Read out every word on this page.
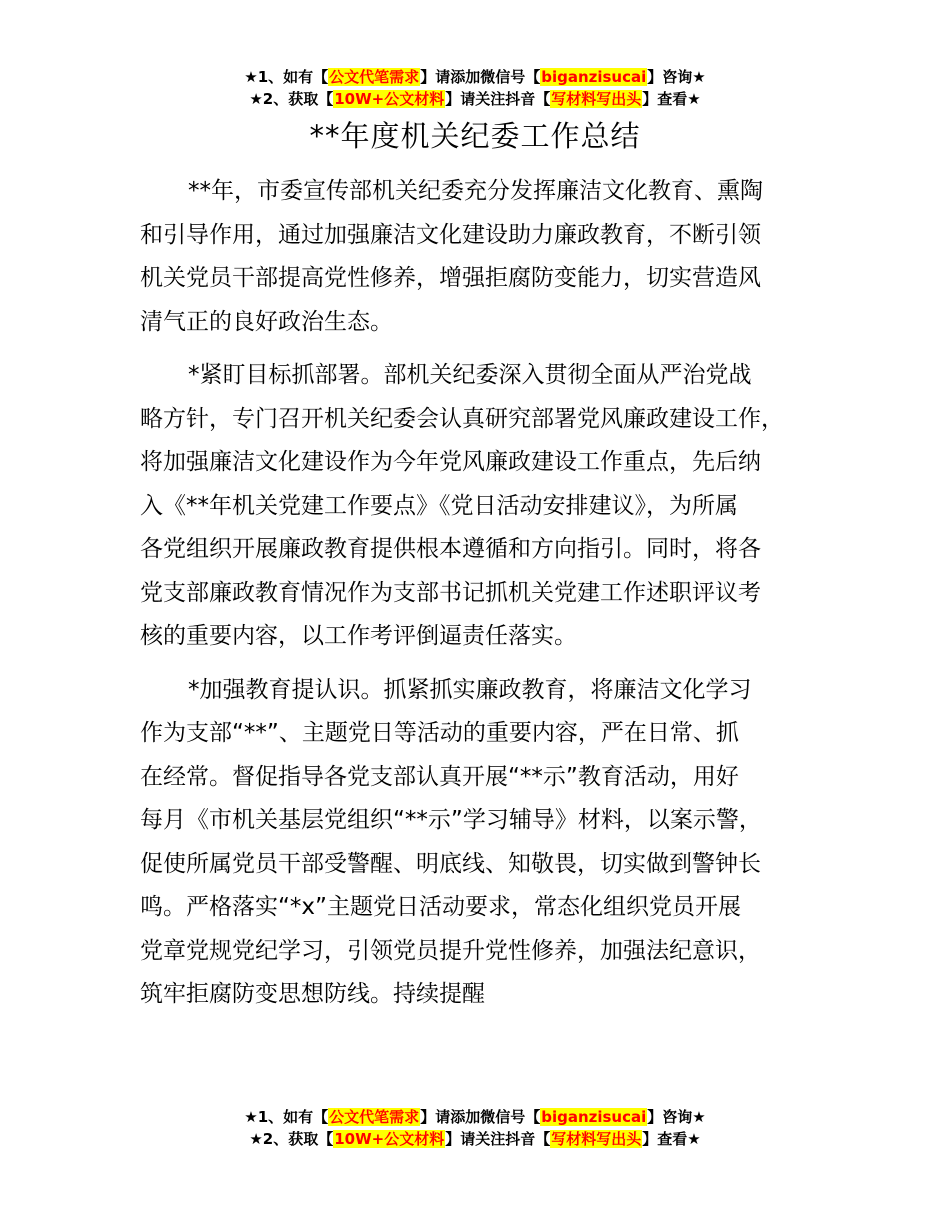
★1、如有【公文代笔需求】请添加微信号【biganzisucai】咨询★
★2、获取【10W+公文材料】请关注抖音【写材料写出头】查看★
**年度机关纪委工作总结
**年，市委宣传部机关纪委充分发挥廉洁文化教育、熏陶
和引导作用，通过加强廉洁文化建设助力廉政教育，不断引领
机关党员干部提高党性修养，增强拒腐防变能力，切实营造风
清气正的良好政治生态。
*紧盯目标抓部署。部机关纪委深入贯彻全面从严治党战
略方针，专门召开机关纪委会认真研究部署党风廉政建设工作，
将加强廉洁文化建设作为今年党风廉政建设工作重点，先后纳
入《**年机关党建工作要点》《党日活动安排建议》，为所属
各党组织开展廉政教育提供根本遵循和方向指引。同时，将各
党支部廉政教育情况作为支部书记抓机关党建工作述职评议考
核的重要内容，以工作考评倒逼责任落实。
*加强教育提认识。抓紧抓实廉政教育，将廉洁文化学习
作为支部“**”、主题党日等活动的重要内容，严在日常、抓
在经常。督促指导各党支部认真开展“**示”教育活动，用好
每月《市机关基层党组织“**示”学习辅导》材料，以案示警，
促使所属党员干部受警醒、明底线、知敬畏，切实做到警钟长
鸣。严格落实“*x”主题党日活动要求，常态化组织党员开展
党章党规党纪学习，引领党员提升党性修养，加强法纪意识，
筑牢拒腐防变思想防线。持续提醒
★1、如有【公文代笔需求】请添加微信号【biganzisucai】咨询★
★2、获取【10W+公文材料】请关注抖音【写材料写出头】查看★
